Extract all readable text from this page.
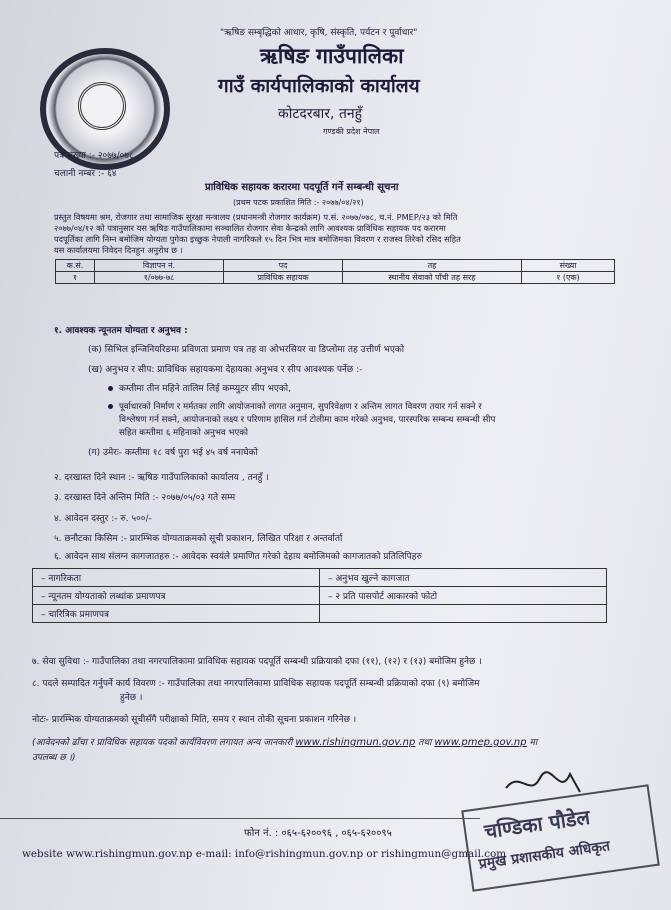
"ऋषिङ सम्बृद्धिको आधार, कृषि, संस्कृति, पर्यटन र पूर्वाधार"
ऋषिङ गाउँपालिका
गाउँ कार्यपालिकाको कार्यालय
कोटदरबार, तनहुँ
गण्डकी प्रदेश नेपाल
पत्र संख्या :- २०७७/०७८
चलानी नम्बर :- ६४
प्राविधिक सहायक करारमा पदपूर्ति गर्ने सम्बन्धी सूचना
(प्रथम पटक प्रकाशित मिति :- २०७७/०४/२१)
प्रस्तुत विषयमा श्रम, रोजगार तथा सामाजिक सुरक्षा मन्त्रालय (प्रधानमन्त्री रोजगार कार्यक्रम) प.सं. २०७७/०७८, च.नं. PMEP/२३ को मिति
२०७७/०४/१२ को पत्रानुसार यस ऋषिङ गाउँपालिकामा सञ्चालित रोजगार सेवा केन्द्रको लागि आवश्यक प्राविधिक सहायक पद करारमा
पदपूर्तिका लागि निम्न बमोजिम योग्यता पुगेका इच्छुक नेपाली नागरिकले १५ दिन भित्र मात्र बमोजिमका विवरण र राजस्व तिरेको रसिद सहित
यस कार्यालयमा निवेदन दिनहुन अनुरोध छ ।
क.सं.	विज्ञापन नं.	पद	तह	संख्या
१	१/०७७-७८	प्राविधिक सहायक	स्थानीय सेवाको पाँची तह सरह	१ (एक)
१. आवश्यक न्यूनतम योग्यता र अनुभव :
(क) सिभिल इन्जिनियरिङमा प्रविणता प्रमाण पत्र तह वा ओभरसियर वा डिप्लोमा तह उत्तीर्ण भएको
(ख) अनुभव र सीप: प्राविधिक सहायकमा देहायका अनुभव र सीप आवश्यक पर्नेछ :-
कम्तीमा तीन महिने तालिम लिई कम्प्युटर सीप भएको,
पूर्वाधारको निर्माण र मर्मतका लागि आयोजनाको लागत अनुमान, सुपरिवेक्षण र अन्तिम लागत विवरण तयार गर्न सक्ने र
विश्लेषण गर्न सक्ने, आयोजनाको लक्ष्य र परिणाम हासिल गर्न टोलीमा काम गरेको अनुभव, पारस्परिक सम्बन्ध सम्बन्धी सीप
सहित कम्तीमा ६ महिनाको अनुभव भएको
(ग) उमेरः- कम्तीमा १८ वर्ष पुरा भई ४५ वर्ष ननाघेको
२. दरखास्त दिने स्थान :- ऋषिङ गाउँपालिकाको कार्यालय , तनहुँ ।
३. दरखास्त दिने अन्तिम मिति :- २०७७/०५/०३ गते सम्म
४. आवेदन दस्तुर :- रु. ५००/-
५. छनौटका किसिम :- प्रारम्भिक योग्यताक्रमको सूची प्रकाशन, लिखित परिक्षा र अन्तर्वार्ता
६. आवेदन साथ संलग्न कागजातहरु :- आवेदक स्वयंले प्रमाणित गरेको देहाय बमोजिमको कागजातको प्रतिलिपिहरु
– नागरिकता	– अनुभव खुल्ने कागजात
– न्यूनतम योग्यताको लब्धांक प्रमाणपत्र	– २ प्रति पासपोर्ट आकारको फोटो
– चारित्रिक प्रमाणपत्र	
७. सेवा सुविधा :- गाउँपालिका तथा नगरपालिकामा प्राविधिक सहायक पदपूर्ति सम्बन्धी प्रक्रियाको दफा (११), (१२) र (१३) बमोजिम हुनेछ ।
८. पदले सम्पादित गर्नुपर्ने कार्य विवरण :- गाउँपालिका तथा नगरपालिकामा प्राविधिक सहायक पदपूर्ति सम्बन्धी प्रक्रियाको दफा (९) बमोजिम
हुनेछ ।
नोटः- प्रारम्भिक योग्यताक्रमको सूचीसँगै परीक्षाको मिति, समय र स्थान तोकी सूचना प्रकाशन गरिनेछ ।
(आवेदनको ढाँचा र प्राविधिक सहायक पदको कार्यविवरण लगायत अन्य जानकारी www.rishingmun.gov.np तथा www.pmep.gov.np मा
उपलब्ध छ ।)
चण्डिका पौडेल
प्रमुख प्रशासकीय अधिकृत
फोन नं. : ०६५-६२००९६ , ०६५-६२००९५
website www.rishingmun.gov.np e-mail: info@rishingmun.gov.np or rishingmun@gmail.com
